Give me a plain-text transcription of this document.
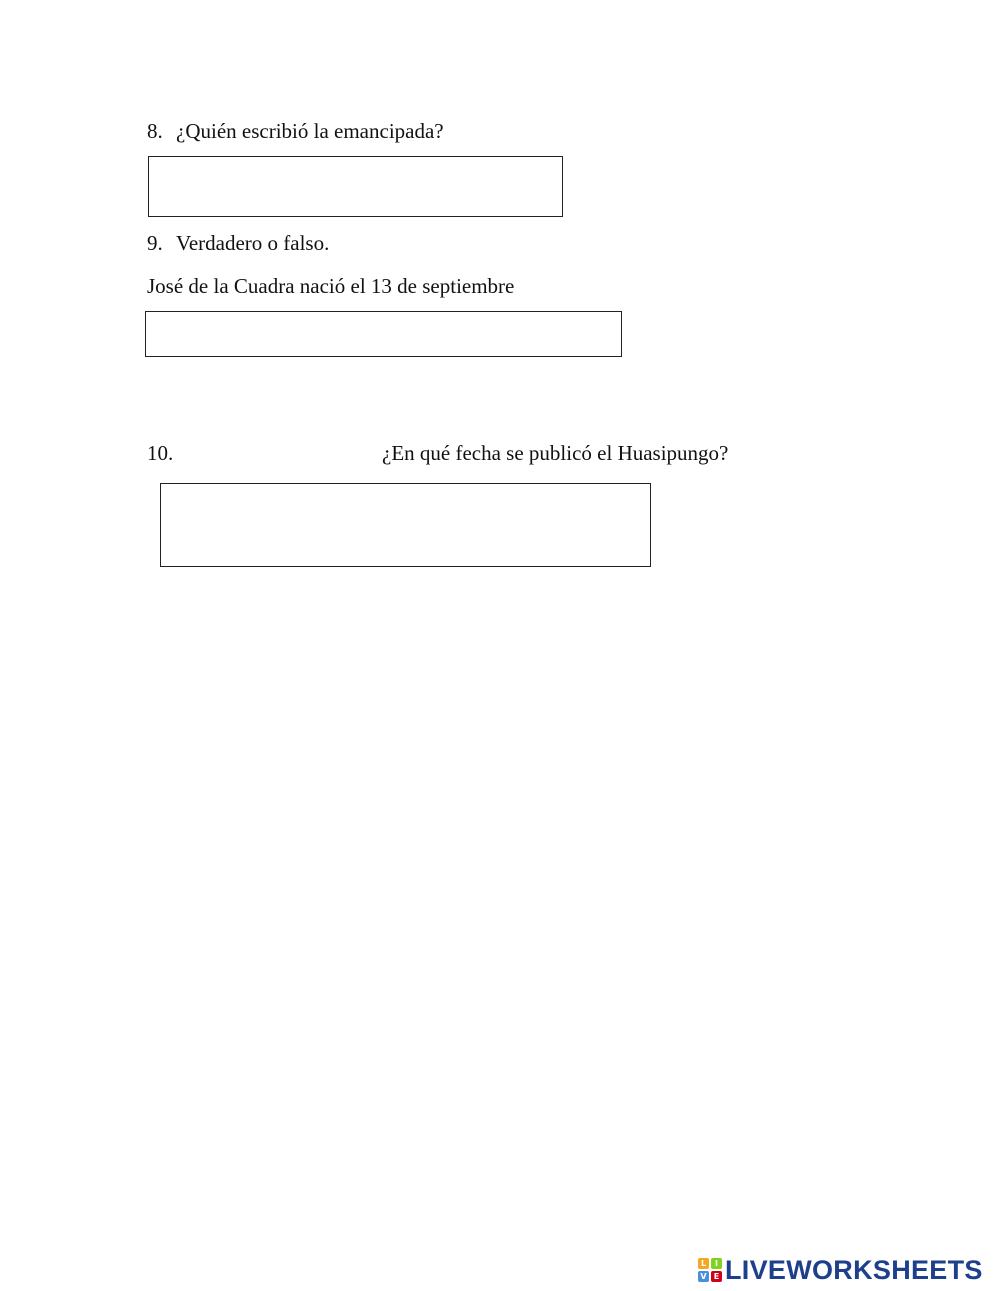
8. ¿Quién escribió la emancipada?
9. Verdadero o falso.
José de la Cuadra nació el 13 de septiembre
10.	¿En qué fecha se publicó el Huasipungo?
L	I
V E LIVEWORKSHEETS
